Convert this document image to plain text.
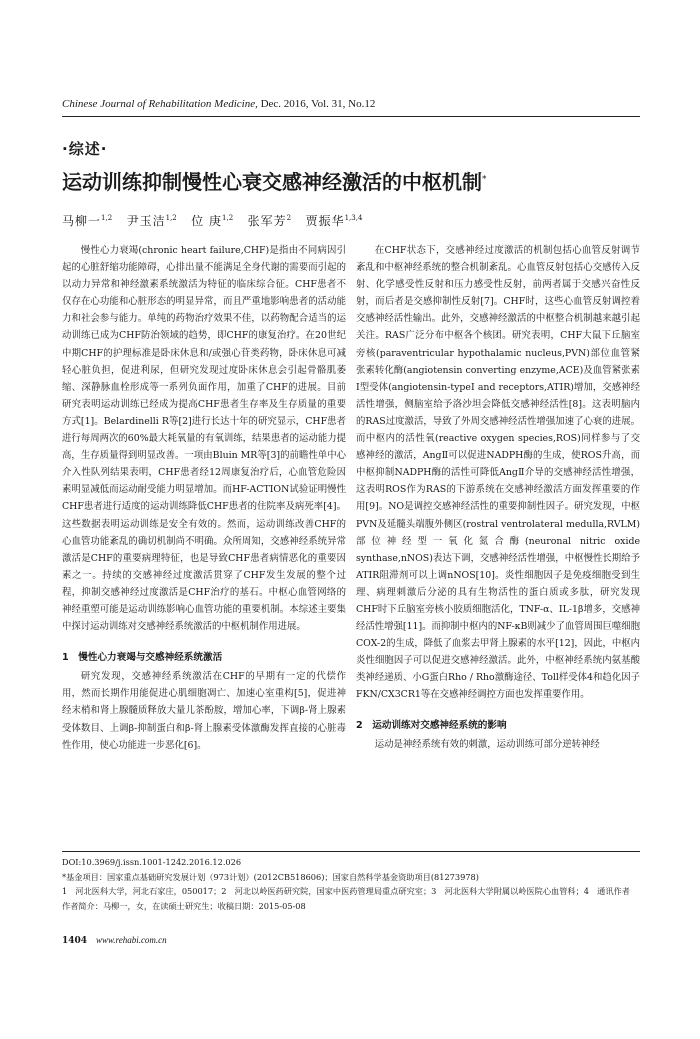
Chinese Journal of Rehabilitation Medicine, Dec. 2016, Vol. 31, No.12
·综述·
运动训练抑制慢性心衰交感神经激活的中枢机制*
马柳一$^{1,2}$ 尹玉洁$^{1,2}$ 位 庚$^{1,2}$ 张军芳$^2$ 贾振华$^{1,3,4}$

慢性心力衰竭(chronic heart failure,CHF)是指由不同病因引起的心脏舒缩功能障碍，心排出量不能满足全身代谢的需要而引起的以动力异常和神经激素系统激活为特征的临床综合征。CHF患者不仅存在心功能和心脏形态的明显异常，而且严重地影响患者的活动能力和社会参与能力。单纯的药物治疗效果不佳，以药物配合适当的运动训练已成为CHF防治领域的趋势，即CHF的康复治疗。在20世纪中期CHF的护理标准是卧床休息和/或强心苷类药物，卧床休息可减轻心脏负担，促进利尿，但研究发现过度卧床休息会引起骨骼肌萎缩、深静脉血栓形成等一系列负面作用，加重了CHF的进展。目前研究表明运动训练已经成为提高CHF患者生存率及生存质量的重要方式[1]。Belardinelli R等[2]进行长达十年的研究显示，CHF患者进行每周两次的60%最大耗氧量的有氧训练，结果患者的运动能力提高，生存质量得到明显改善。一项由Bluin MR等[3]的前瞻性单中心介入性队列结果表明，CHF患者经12周康复治疗后，心血管危险因素明显减低而运动耐受能力明显增加。而HF-ACTION试验证明慢性CHF患者进行适度的运动训练降低CHF患者的住院率及病死率[4]。这些数据表明运动训练是安全有效的。然而，运动训练改善CHF的心血管功能紊乱的确切机制尚不明确。众所周知，交感神经系统异常激活是CHF的重要病理特征，也是导致CHF患者病情恶化的重要因素之一。持续的交感神经过度激活贯穿了CHF发生发展的整个过程，抑制交感神经过度激活是CHF治疗的基石。中枢心血管网络的神经重塑可能是运动训练影响心血管功能的重要机制。本综述主要集中探讨运动训练对交感神经系统激活的中枢机制作用进展。

1　慢性心力衰竭与交感神经系统激活

研究发现，交感神经系统激活在CHF的早期有一定的代偿作用，然而长期作用能促进心肌细胞凋亡、加速心室重构[5]，促进神经末梢和肾上腺髓质释放大量儿茶酚胺，增加心率，下调β-肾上腺素受体数目、上调β-抑制蛋白和β-肾上腺素受体激酶发挥直接的心脏毒性作用，使心功能进一步恶化[6]。

在CHF状态下，交感神经过度激活的机制包括心血管反射调节紊乱和中枢神经系统的整合机制紊乱。心血管反射包括心交感传入反射、化学感受性反射和压力感受性反射，前两者属于交感兴奋性反射，而后者是交感抑制性反射[7]。CHF时，这些心血管反射调控着交感神经活性输出。此外，交感神经激活的中枢整合机制越来越引起关注。RAS广泛分布中枢各个核团。研究表明，CHF大鼠下丘脑室旁核(paraventricular hypothalamic nucleus,PVN)部位血管紧张素转化酶(angiotensin converting enzyme,ACE)及血管紧张素Ⅰ型受体(angiotensin-typeⅠ and receptors,ATIR)增加，交感神经活性增强，侧脑室给予洛沙坦会降低交感神经活性[8]。这表明脑内的RAS过度激活，导致了外周交感神经活性增强加速了心衰的进展。而中枢内的活性氧(reactive oxygen species,ROS)同样参与了交感神经的激活，AngⅡ可以促进NADPH酶的生成，使ROS升高，而中枢抑制NADPH酶的活性可降低AngⅡ介导的交感神经活性增强，这表明ROS作为RAS的下游系统在交感神经激活方面发挥重要的作用[9]。NO是调控交感神经活性的重要抑制性因子。研究发现，中枢PVN及延髓头端腹外侧区(rostral ventrolateral medulla,RVLM)部位神经型一氧化氮合酶(neuronal nitric oxide synthase,nNOS)表达下调，交感神经活性增强，中枢慢性长期给予ATIR阻滞剂可以上调nNOS[10]。炎性细胞因子是免疫细胞受到生理、病理刺激后分泌的具有生物活性的蛋白质或多肽，研究发现CHF时下丘脑室旁核小胶质细胞活化，TNF-α、IL-1β增多，交感神经活性增强[11]。而抑制中枢内的NF-κB则减少了血管周围巨噬细胞COX-2的生成，降低了血浆去甲肾上腺素的水平[12]，因此，中枢内炎性细胞因子可以促进交感神经激活。此外，中枢神经系统内氨基酸类神经递质、小G蛋白Rho / Rho激酶途径、Toll样受体4和趋化因子FKN/CX3CR1等在交感神经调控方面也发挥重要作用。

2　运动训练对交感神经系统的影响

运动是神经系统有效的刺激，运动训练可部分逆转神经

DOI:10.3969/j.issn.1001-1242.2016.12.026
*基金项目：国家重点基础研究发展计划（973计划）(2012CB518606)；国家自然科学基金资助项目(81273978)
1　河北医科大学，河北石家庄，050017；2　河北以岭医药研究院，国家中医药管理局重点研究室；3　河北医科大学附属以岭医院心血管科；4　通讯作者
作者简介：马柳一，女，在读硕士研究生；收稿日期：2015-05-08
1404 www.rehabi.com.cn
